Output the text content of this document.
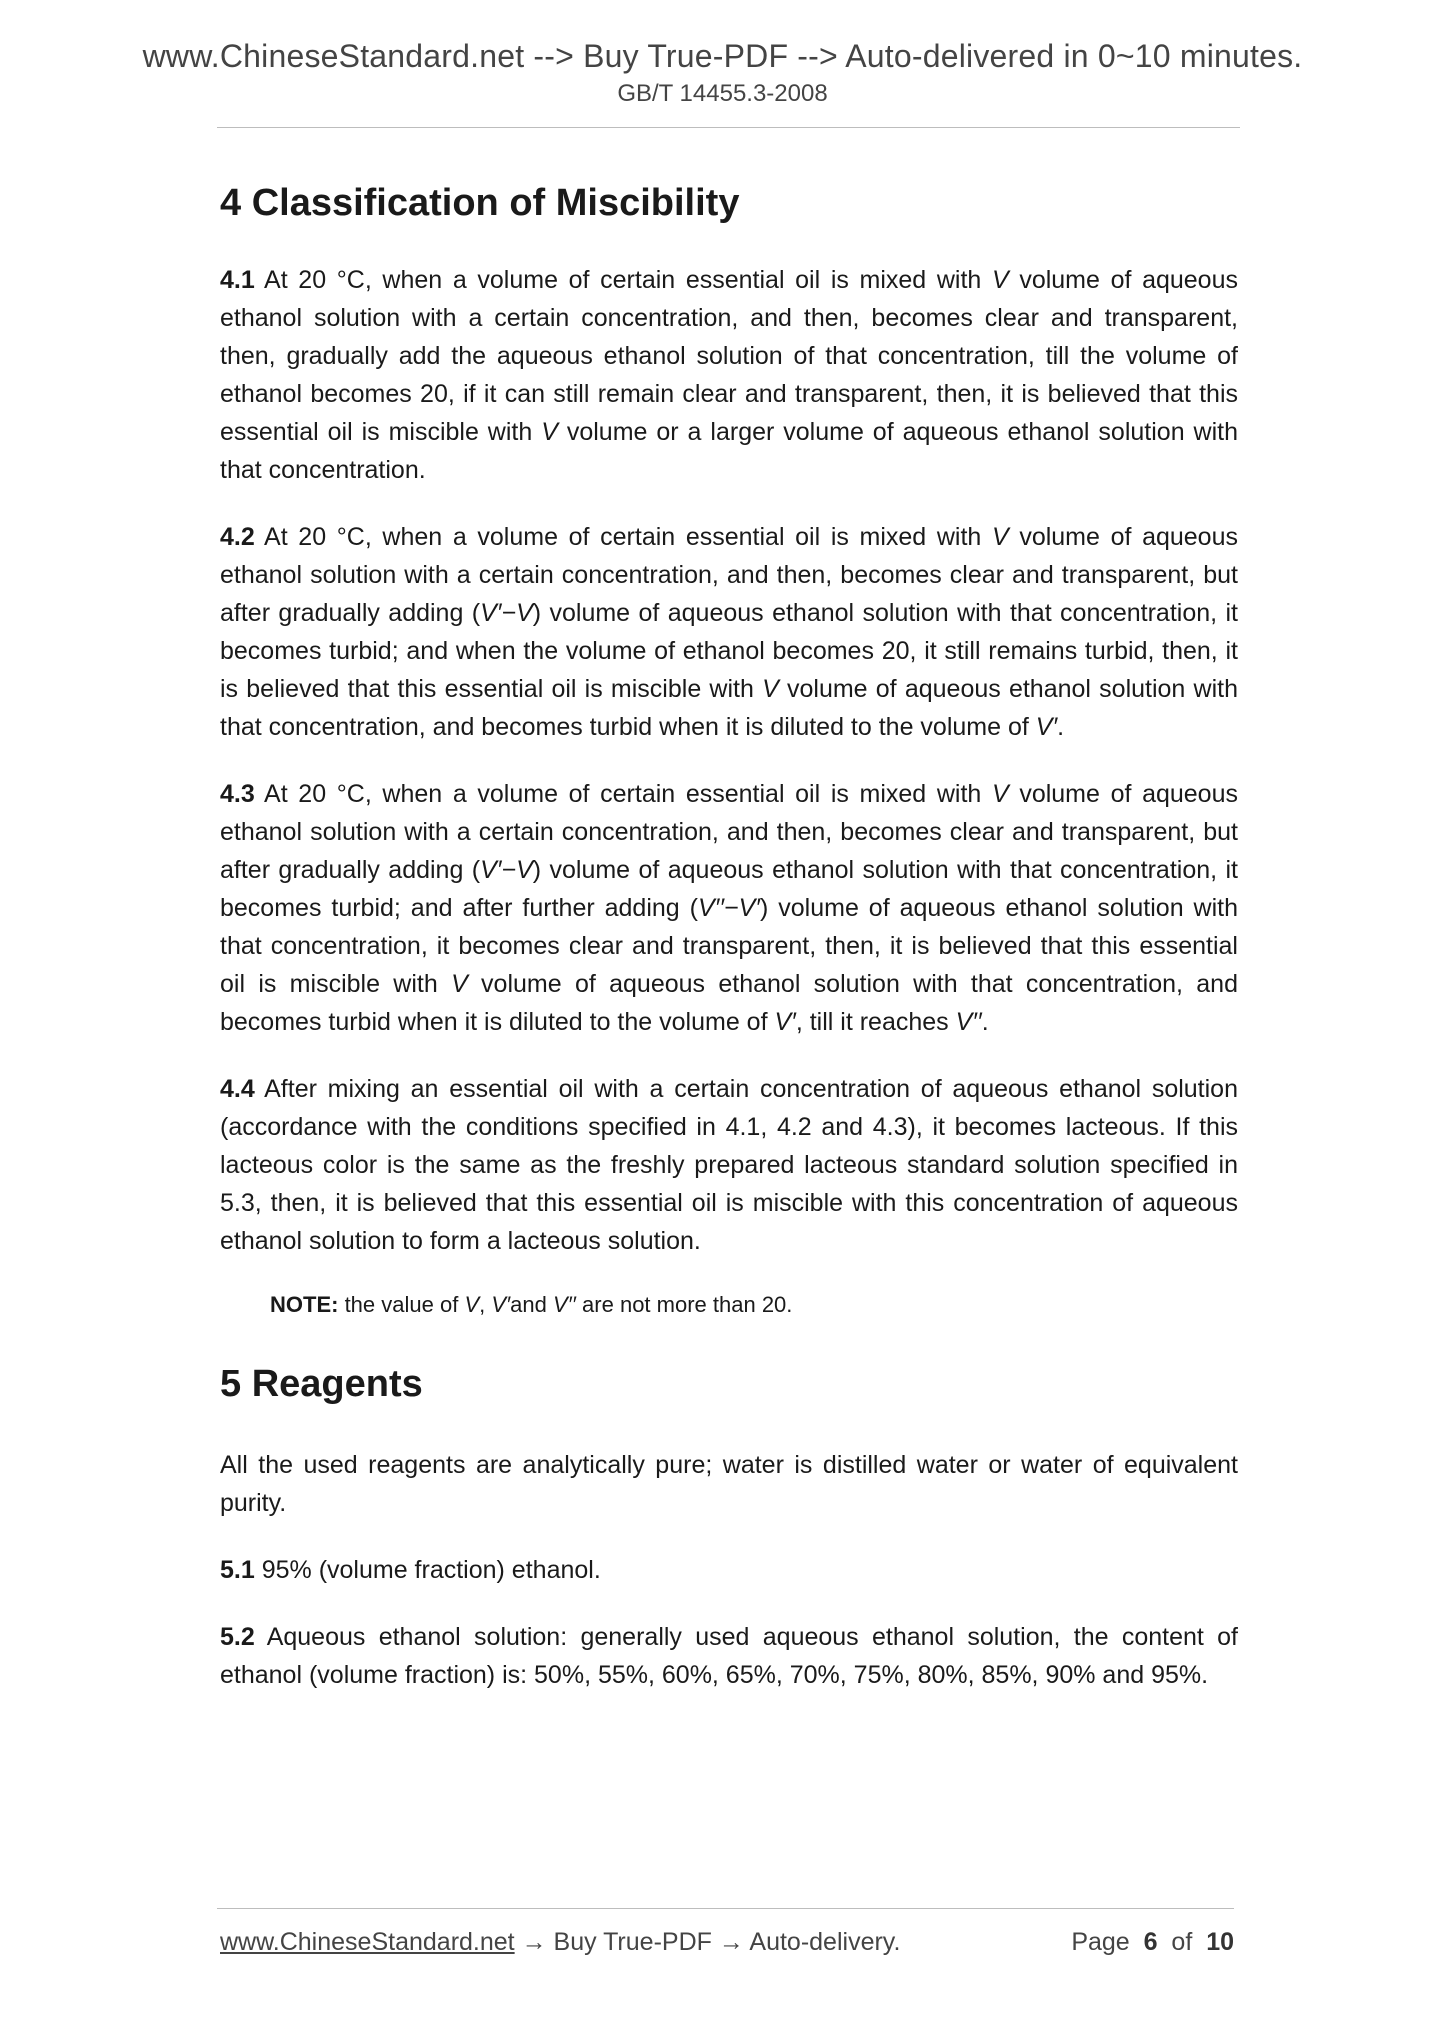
www.ChineseStandard.net --> Buy True-PDF --> Auto-delivered in 0~10 minutes.
GB/T 14455.3-2008
4 Classification of Miscibility

4.1 At 20 °C, when a volume of certain essential oil is mixed with V volume of aqueous ethanol solution with a certain concentration, and then, becomes clear and transparent, then, gradually add the aqueous ethanol solution of that concentration, till the volume of ethanol becomes 20, if it can still remain clear and transparent, then, it is believed that this essential oil is miscible with V volume or a larger volume of aqueous ethanol solution with that concentration.

4.2 At 20 °C, when a volume of certain essential oil is mixed with V volume of aqueous ethanol solution with a certain concentration, and then, becomes clear and transparent, but after gradually adding (V′−V) volume of aqueous ethanol solution with that concentration, it becomes turbid; and when the volume of ethanol becomes 20, it still remains turbid, then, it is believed that this essential oil is miscible with V volume of aqueous ethanol solution with that concentration, and becomes turbid when it is diluted to the volume of V′.

4.3 At 20 °C, when a volume of certain essential oil is mixed with V volume of aqueous ethanol solution with a certain concentration, and then, becomes clear and transparent, but after gradually adding (V′−V) volume of aqueous ethanol solution with that concentration, it becomes turbid; and after further adding (V′′−V′) volume of aqueous ethanol solution with that concentration, it becomes clear and transparent, then, it is believed that this essential oil is miscible with V volume of aqueous ethanol solution with that concentration, and becomes turbid when it is diluted to the volume of V′, till it reaches V′′.

4.4 After mixing an essential oil with a certain concentration of aqueous ethanol solution (accordance with the conditions specified in 4.1, 4.2 and 4.3), it becomes lacteous. If this lacteous color is the same as the freshly prepared lacteous standard solution specified in 5.3, then, it is believed that this essential oil is miscible with this concentration of aqueous ethanol solution to form a lacteous solution.

NOTE: the value of V, V′and V′′ are not more than 20.

5 Reagents

All the used reagents are analytically pure; water is distilled water or water of equivalent purity.

5.1 95% (volume fraction) ethanol.

5.2 Aqueous ethanol solution: generally used aqueous ethanol solution, the content of ethanol (volume fraction) is: 50%, 55%, 60%, 65%, 70%, 75%, 80%, 85%, 90% and 95%.

www.ChineseStandard.net → Buy True-PDF → Auto-delivery.	Page 6 of 10
